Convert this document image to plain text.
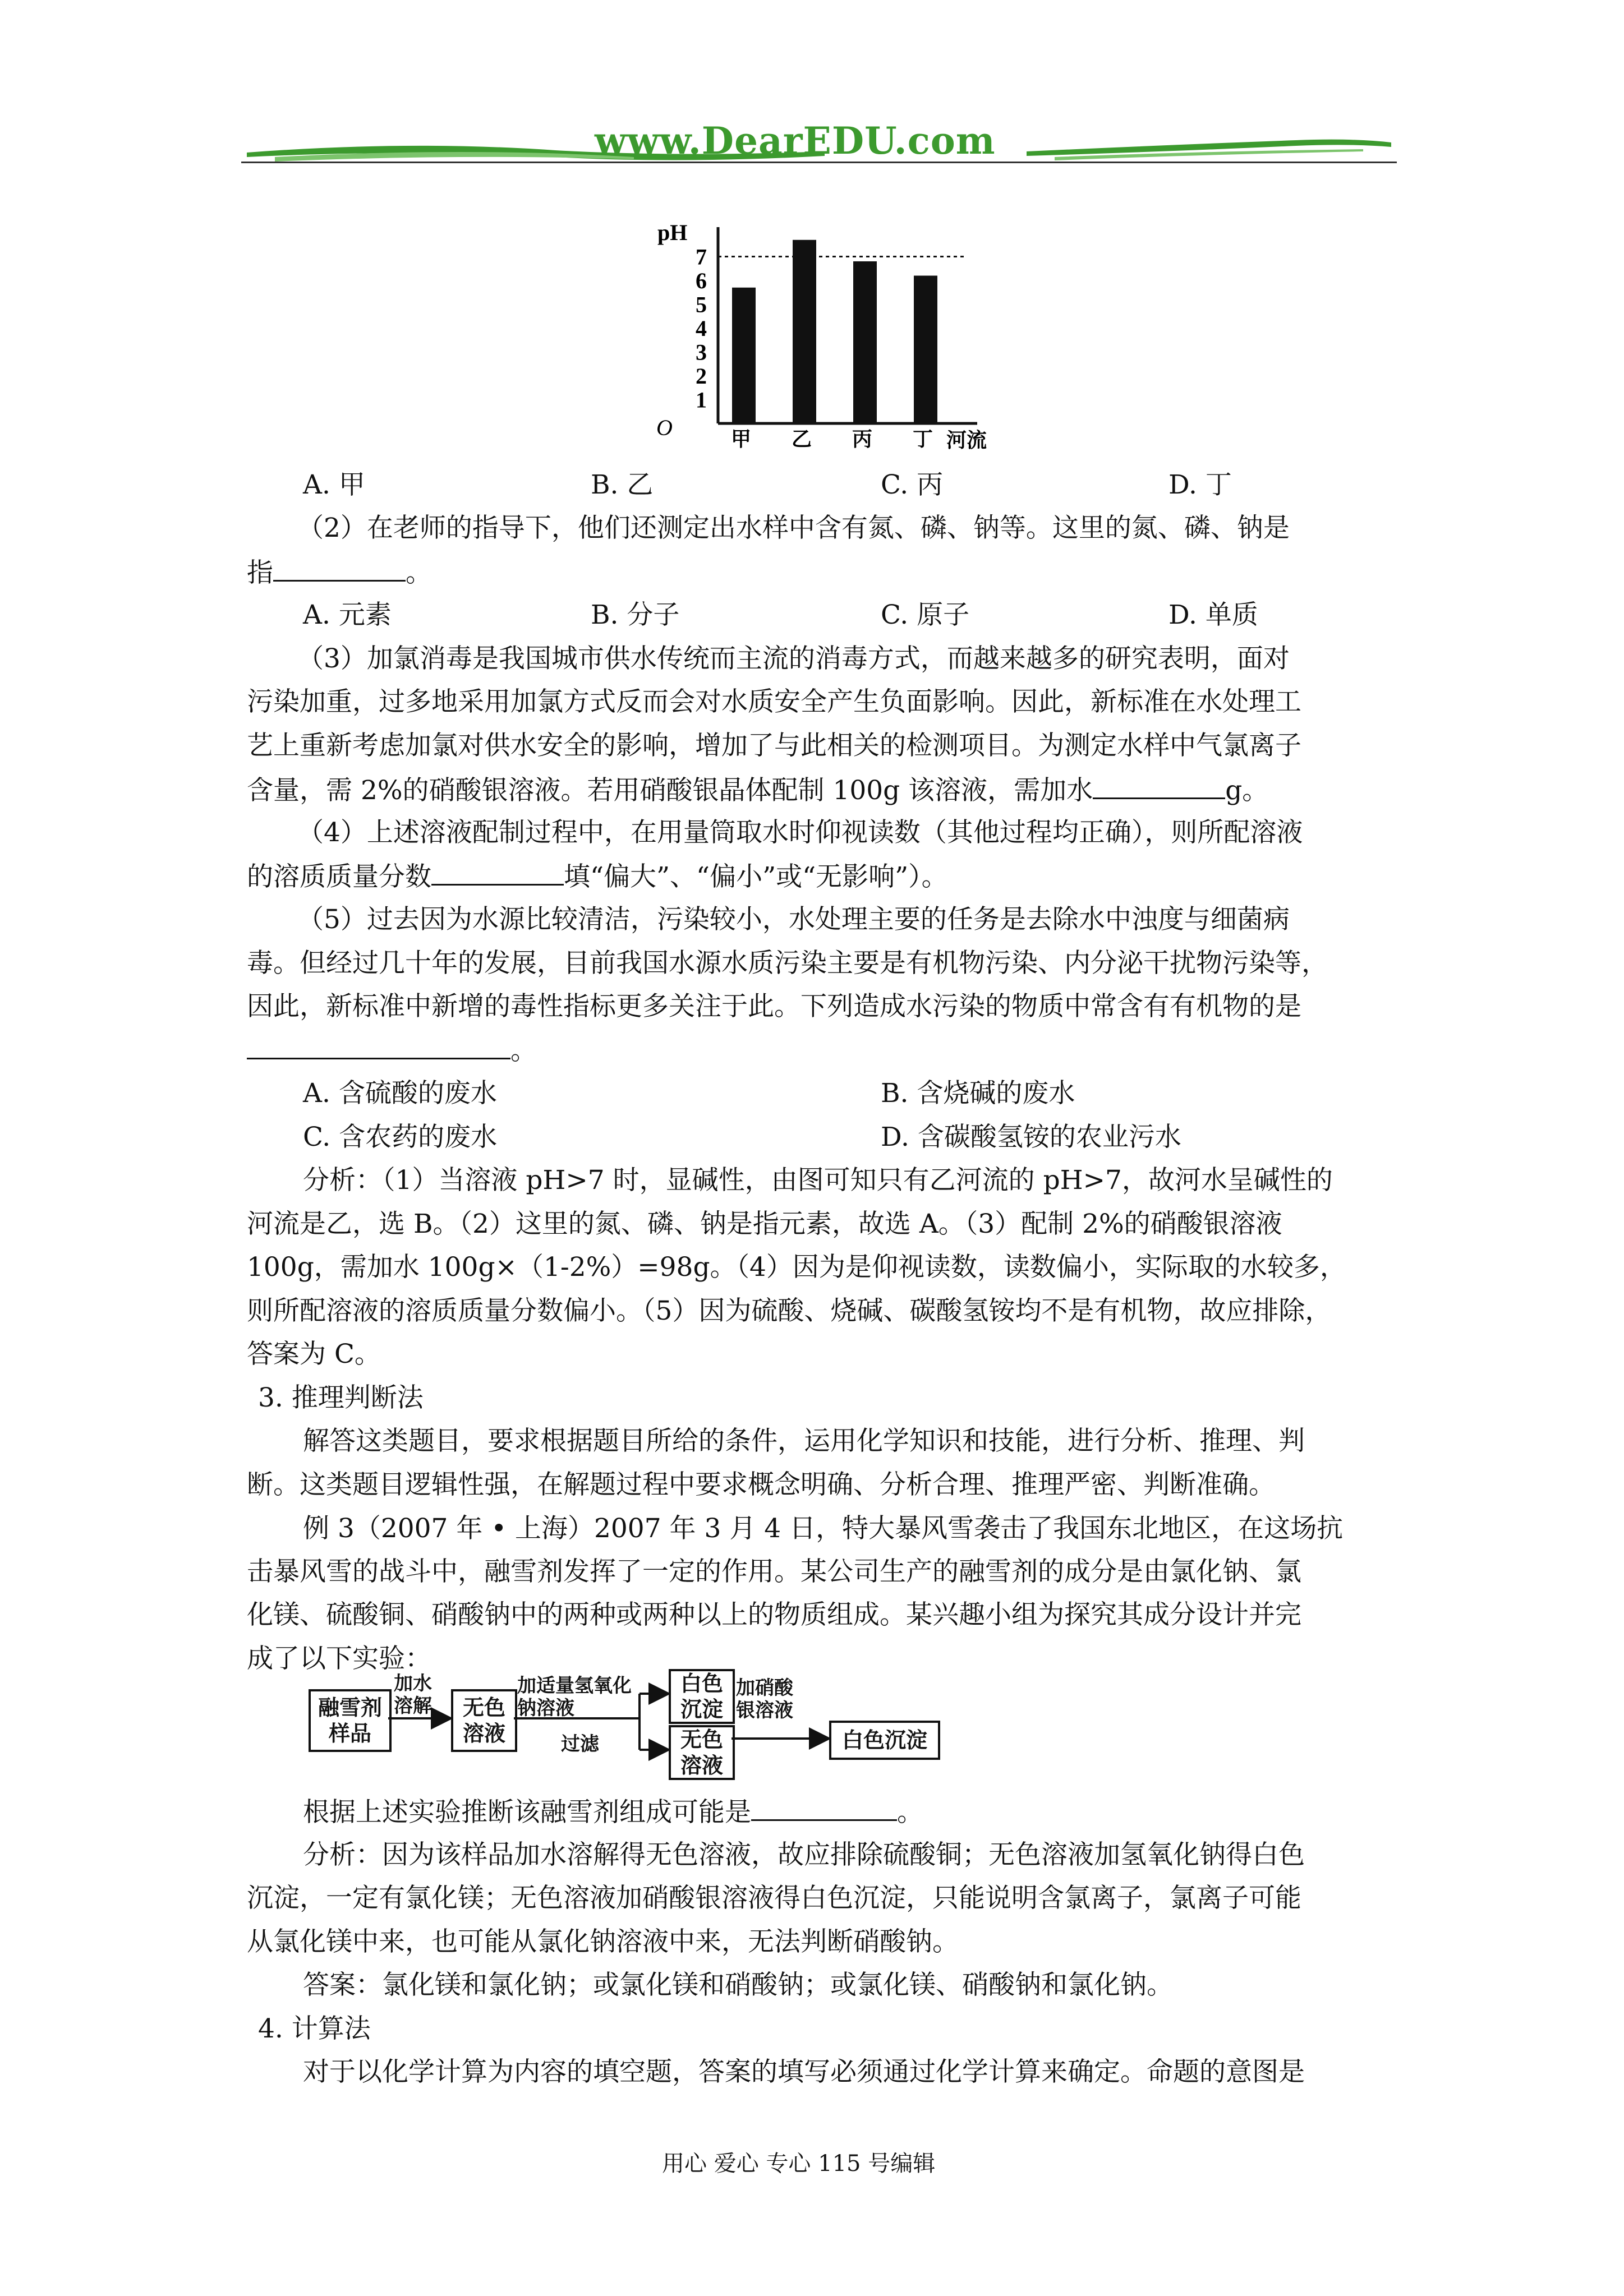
www.DearEDU.com
pH
O
1
2
3
4
5
6
7
甲 乙 丙 丁 河流
A. 甲	B. 乙	C. 丙	D. 丁
（2）在老师的指导下，他们还测定出水样中含有氮、磷、钠等。这里的氮、磷、钠是
指	。
A. 元素	B. 分子	C. 原子	D. 单质
（3）加氯消毒是我国城市供水传统而主流的消毒方式，而越来越多的研究表明，面对
污染加重，过多地采用加氯方式反而会对水质安全产生负面影响。因此，新标准在水处理工
艺上重新考虑加氯对供水安全的影响，增加了与此相关的检测项目。为测定水样中气氯离子
含量，需 2%的硝酸银溶液。若用硝酸银晶体配制 100g 该溶液，需加水	g。
（4）上述溶液配制过程中，在用量筒取水时仰视读数（其他过程均正确），则所配溶液
的溶质质量分数	填“偏大”、“偏小”或“无影响”）。
（5）过去因为水源比较清洁，污染较小，水处理主要的任务是去除水中浊度与细菌病
毒。但经过几十年的发展，目前我国水源水质污染主要是有机物污染、内分泌干扰物污染等，
因此，新标准中新增的毒性指标更多关注于此。下列造成水污染的物质中常含有有机物的是
。
A. 含硫酸的废水	B. 含烧碱的废水
C. 含农药的废水	D. 含碳酸氢铵的农业污水
分析：（1）当溶液 pH>7 时，显碱性，由图可知只有乙河流的 pH>7，故河水呈碱性的
河流是乙，选 B。（2）这里的氮、磷、钠是指元素，故选 A。（3）配制 2%的硝酸银溶液
100g，需加水 100g×（1-2%）=98g。（4）因为是仰视读数，读数偏小，实际取的水较多，
则所配溶液的溶质质量分数偏小。（5）因为硫酸、烧碱、碳酸氢铵均不是有机物，故应排除，
答案为 C。
3. 推理判断法
解答这类题目，要求根据题目所给的条件，运用化学知识和技能，进行分析、推理、判
断。这类题目逻辑性强，在解题过程中要求概念明确、分析合理、推理严密、判断准确。
例 3（2007 年 • 上海）2007 年 3 月 4 日，特大暴风雪袭击了我国东北地区，在这场抗
击暴风雪的战斗中，融雪剂发挥了一定的作用。某公司生产的融雪剂的成分是由氯化钠、氯
化镁、硫酸铜、硝酸钠中的两种或两种以上的物质组成。某兴趣小组为探究其成分设计并完
成了以下实验：
融雪剂
样品
加水
溶解	无色
溶液
加适量氢氧化
钠溶液
过滤
白色
沉淀
无色
溶液
加硝酸
银溶液
白色沉淀
根据上述实验推断该融雪剂组成可能是	。
分析：因为该样品加水溶解得无色溶液，故应排除硫酸铜；无色溶液加氢氧化钠得白色
沉淀，一定有氯化镁；无色溶液加硝酸银溶液得白色沉淀，只能说明含氯离子，氯离子可能
从氯化镁中来，也可能从氯化钠溶液中来，无法判断硝酸钠。
答案：氯化镁和氯化钠；或氯化镁和硝酸钠；或氯化镁、硝酸钠和氯化钠。
4. 计算法
对于以化学计算为内容的填空题，答案的填写必须通过化学计算来确定。命题的意图是
用心 爱心 专心 115 号编辑
